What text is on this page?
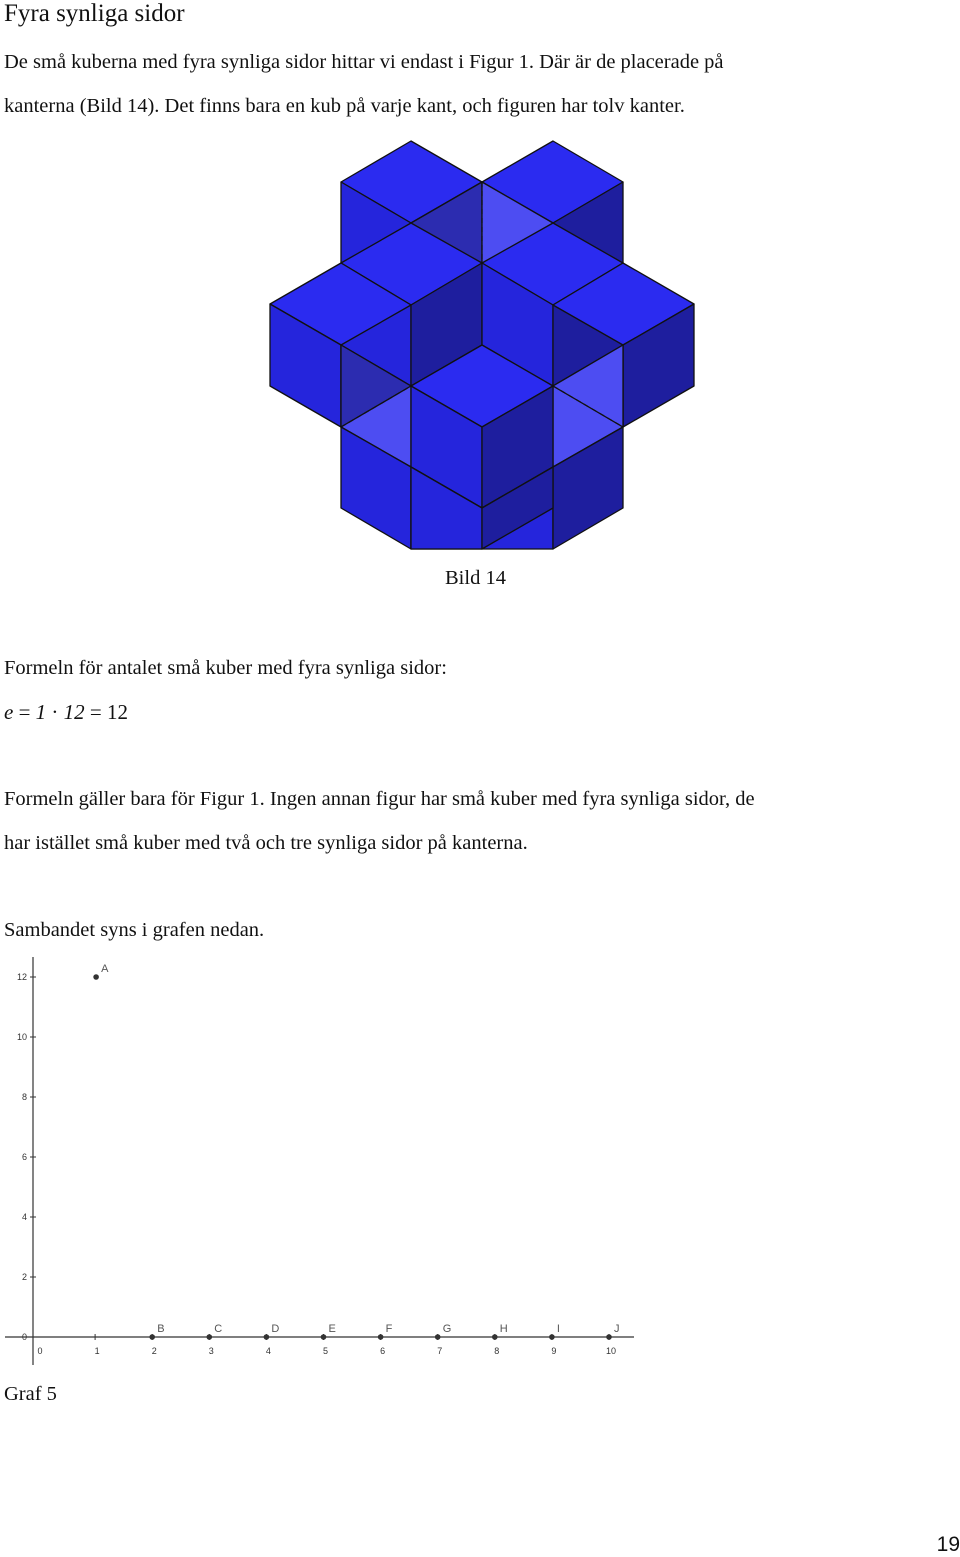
Fyra synliga sidor
De små kuberna med fyra synliga sidor hittar vi endast i Figur 1. Där är de placerade på
kanterna (Bild 14). Det finns bara en kub på varje kant, och figuren har tolv kanter.
Bild 14
Formeln för antalet små kuber med fyra synliga sidor:
e = 1 · 12 = 12
Formeln gäller bara för Figur 1. Ingen annan figur har små kuber med fyra synliga sidor, de
har istället små kuber med två och tre synliga sidor på kanterna.
Sambandet syns i grafen nedan.
0	1	2	3	4	5	6	7	8	9	10
0
2
4
6
8
10
12
A
B	C	D	E	F	G	H	I	J
Graf 5
19
